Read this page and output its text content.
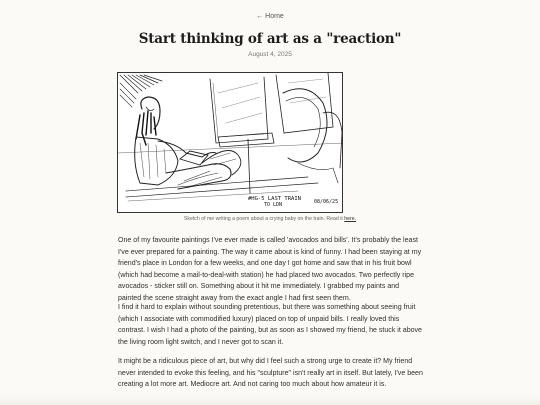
← Home
Start thinking of art as a "reaction"
August 4, 2025
#HG-5 LAST TRAIN
TO LDN	08/06/25
Sketch of me writing a poem about a crying baby on the train. Read it here.

One of my favourite paintings I've ever made is called 'avocados and bills'. It's probably the least I've ever prepared for a painting. The way it came about is kind of funny. I had been staying at my friend's place in London for a few weeks, and one day I got home and saw that in his fruit bowl (which had become a mail-to-deal-with station) he had placed two avocados. Two perfectly ripe avocados - sticker still on. Something about it hit me immediately. I grabbed my paints and painted the scene straight away from the exact angle I had first seen them.

I find it hard to explain without sounding pretentious, but there was something about seeing fruit (which I associate with commodified luxury) placed on top of unpaid bills. I really loved this contrast. I wish I had a photo of the painting, but as soon as I showed my friend, he stuck it above the living room light switch, and I never got to scan it.

It might be a ridiculous piece of art, but why did I feel such a strong urge to create it? My friend never intended to evoke this feeling, and his "sculpture" isn't really art in itself. But lately, I've been creating a lot more art. Mediocre art. And not caring too much about how amateur it is.
